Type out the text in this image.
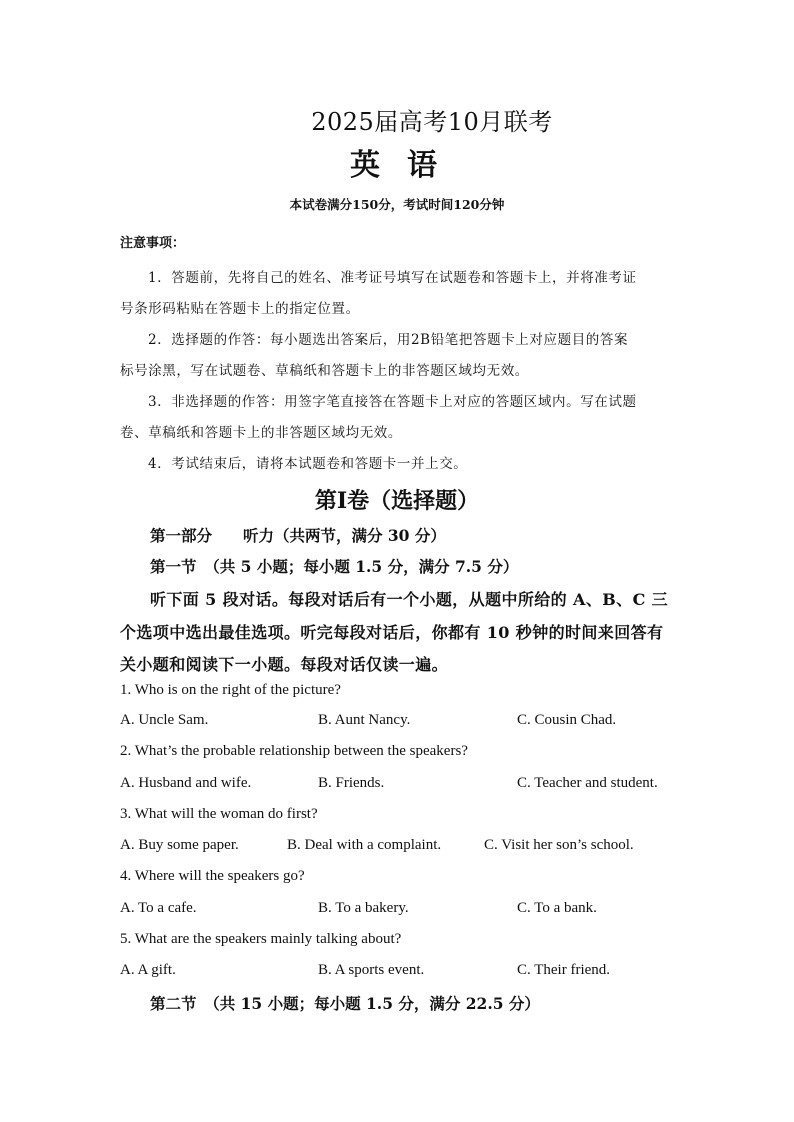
2025届高考10月联考
英语
本试卷满分150分，考试时间120分钟
注意事项：
1．答题前，先将自己的姓名、准考证号填写在试题卷和答题卡上，并将准考证
号条形码粘贴在答题卡上的指定位置。
2．选择题的作答：每小题选出答案后，用2B铅笔把答题卡上对应题目的答案
标号涂黑，写在试题卷、草稿纸和答题卡上的非答题区域均无效。
3．非选择题的作答：用签字笔直接答在答题卡上对应的答题区域内。写在试题
卷、草稿纸和答题卡上的非答题区域均无效。
4．考试结束后，请将本试题卷和答题卡一并上交。
第Ⅰ卷（选择题）
第一部分　　听力（共两节，满分 30 分）
第一节　（共 5 小题；每小题 1.5 分，满分 7.5 分）
听下面 5 段对话。每段对话后有一个小题，从题中所给的 A、B、C 三
个选项中选出最佳选项。听完每段对话后，你都有 10 秒钟的时间来回答有
关小题和阅读下一小题。每段对话仅读一遍。
1. Who is on the right of the picture?
A. Uncle Sam.	B. Aunt Nancy.	C. Cousin Chad.
2. What’s the probable relationship between the speakers?
A. Husband and wife.	B. Friends.	C. Teacher and student.
3. What will the woman do first?
A. Buy some paper.	B. Deal with a complaint.	C. Visit her son’s school.
4. Where will the speakers go?
A. To a cafe.	B. To a bakery.	C. To a bank.
5. What are the speakers mainly talking about?
A. A gift.	B. A sports event.	C. Their friend.
第二节　（共 15 小题；每小题 1.5 分，满分 22.5 分）
